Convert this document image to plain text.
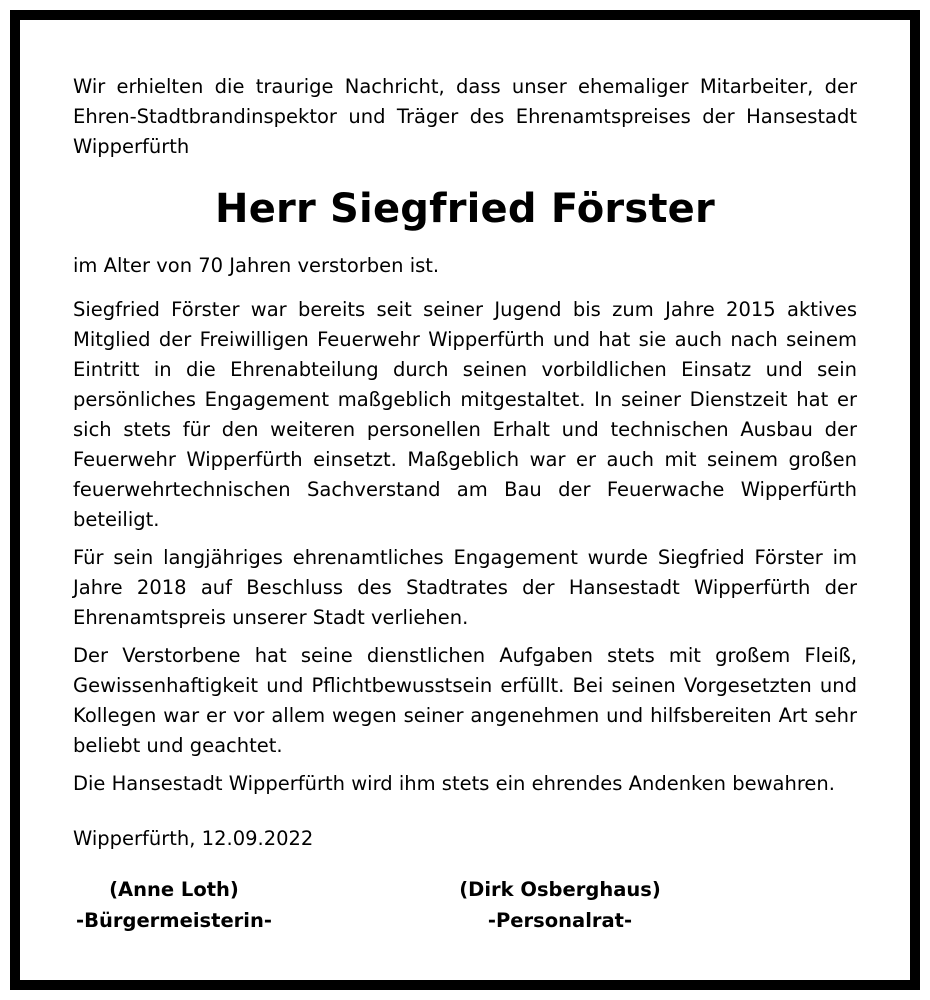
Wir erhielten die traurige Nachricht, dass unser ehemaliger Mitarbeiter, der Ehren-Stadtbrandinspektor und Träger des Ehrenamtspreises der Hansestadt Wipperfürth

Herr Siegfried Förster

im Alter von 70 Jahren verstorben ist.

Siegfried Förster war bereits seit seiner Jugend bis zum Jahre 2015 aktives Mitglied der Freiwilligen Feuerwehr Wipperfürth und hat sie auch nach seinem Eintritt in die Ehrenabteilung durch seinen vorbildlichen Einsatz und sein persönliches Engagement maßgeblich mitgestaltet. In seiner Dienstzeit hat er sich stets für den weiteren personellen Erhalt und technischen Ausbau der Feuerwehr Wipperfürth einsetzt. Maßgeblich war er auch mit seinem großen feuerwehrtechnischen Sachverstand am Bau der Feuerwache Wipperfürth beteiligt.

Für sein langjähriges ehrenamtliches Engagement wurde Siegfried Förster im Jahre 2018 auf Beschluss des Stadtrates der Hansestadt Wipperfürth der Ehrenamtspreis unserer Stadt verliehen.

Der Verstorbene hat seine dienstlichen Aufgaben stets mit großem Fleiß, Gewissenhaftigkeit und Pflichtbewusstsein erfüllt. Bei seinen Vorgesetzten und Kollegen war er vor allem wegen seiner angenehmen und hilfsbereiten Art sehr beliebt und geachtet.

Die Hansestadt Wipperfürth wird ihm stets ein ehrendes Andenken bewahren.

Wipperfürth, 12.09.2022

(Anne Loth)
-Bürgermeisterin-
(Dirk Osberghaus)
-Personalrat-
